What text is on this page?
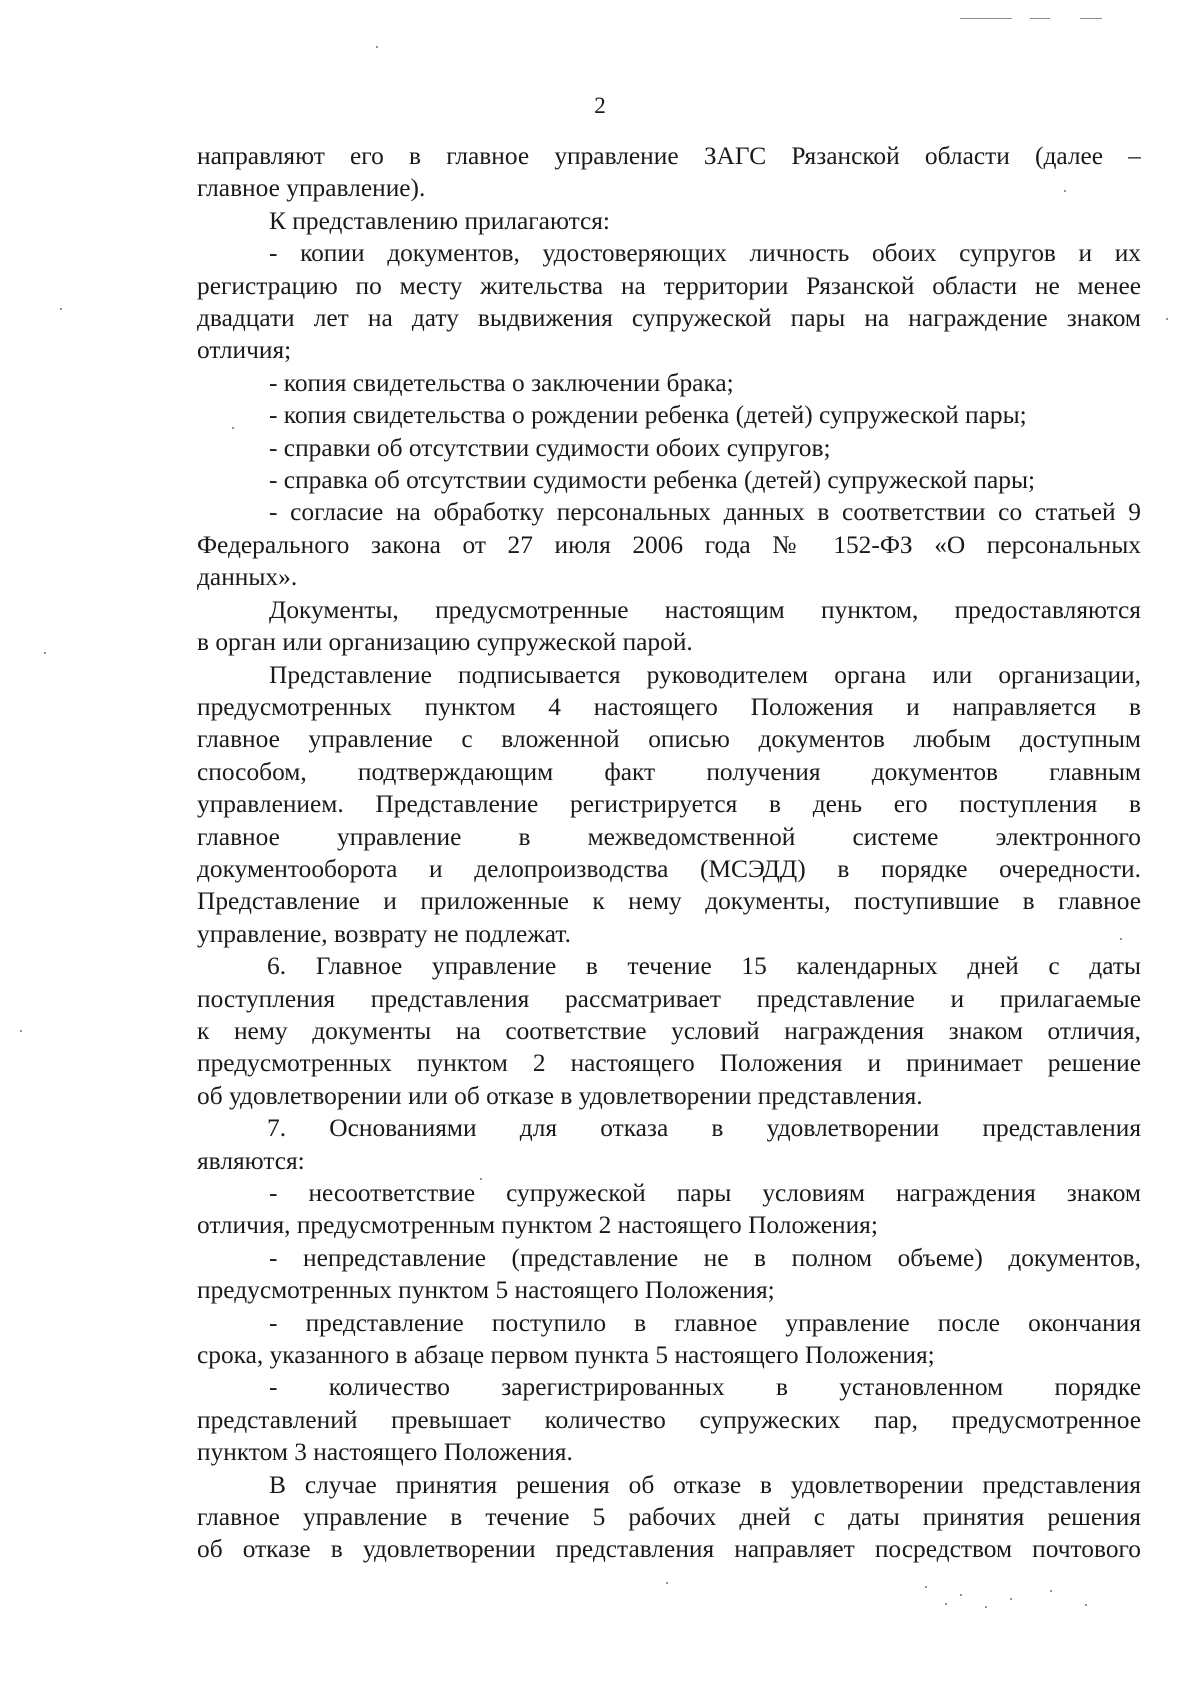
2

направляют его в главное управление ЗАГС Рязанской области (далее –

главное управление).

К представлению прилагаются:

- копии документов, удостоверяющих личность обоих супругов и их

регистрацию по месту жительства на территории Рязанской области не менее

двадцати лет на дату выдвижения супружеской пары на награждение знаком

отличия;

- копия свидетельства о заключении брака;

- копия свидетельства о рождении ребенка (детей) супружеской пары;

- справки об отсутствии судимости обоих супругов;

- справка об отсутствии судимости ребенка (детей) супружеской пары;

- согласие на обработку персональных данных в соответствии со статьей 9

Федерального закона от 27 июля 2006 года № 152-ФЗ «О персональных

данных».

Документы, предусмотренные настоящим пунктом, предоставляются

в орган или организацию супружеской парой.

Представление подписывается руководителем органа или организации,

предусмотренных пунктом 4 настоящего Положения и направляется в

главное управление с вложенной описью документов любым доступным

способом, подтверждающим факт получения документов главным

управлением. Представление регистрируется в день его поступления в

главное управление в межведомственной системе электронного

документооборота и делопроизводства (МСЭДД) в порядке очередности.

Представление и приложенные к нему документы, поступившие в главное

управление, возврату не подлежат.

6. Главное управление в течение 15 календарных дней с даты

поступления представления рассматривает представление и прилагаемые

к нему документы на соответствие условий награждения знаком отличия,

предусмотренных пунктом 2 настоящего Положения и принимает решение

об удовлетворении или об отказе в удовлетворении представления.

7. Основаниями для отказа в удовлетворении представления

являются:

- несоответствие супружеской пары условиям награждения знаком

отличия, предусмотренным пунктом 2 настоящего Положения;

- непредставление (представление не в полном объеме) документов,

предусмотренных пунктом 5 настоящего Положения;

- представление поступило в главное управление после окончания

срока, указанного в абзаце первом пункта 5 настоящего Положения;

- количество зарегистрированных в установленном порядке

представлений превышает количество супружеских пар, предусмотренное

пунктом 3 настоящего Положения.

В случае принятия решения об отказе в удовлетворении представления

главное управление в течение 5 рабочих дней с даты принятия решения

об отказе в удовлетворении представления направляет посредством почтового
